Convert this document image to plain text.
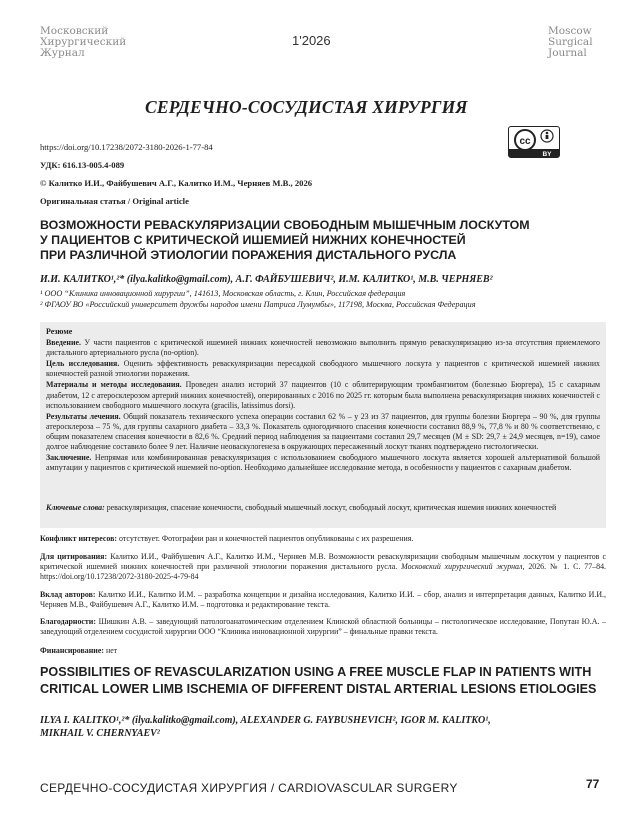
Московский
Хирургический
Журнал
1'2026
Moscow
Surgical
Journal
СЕРДЕЧНО-СОСУДИСТАЯ ХИРУРГИЯ
https://doi.org/10.17238/2072-3180-2026-1-77-84
УДК: 616.13-005.4-089
© Калитко И.И., Файбушевич А.Г., Калитко И.М., Черняев М.В., 2026
Оригинальная статья / Original article
cc
BY
ВОЗМОЖНОСТИ РЕВАСКУЛЯРИЗАЦИИ СВОБОДНЫМ МЫШЕЧНЫМ ЛОСКУТОМ
У ПАЦИЕНТОВ С КРИТИЧЕСКОЙ ИШЕМИЕЙ НИЖНИХ КОНЕЧНОСТЕЙ
ПРИ РАЗЛИЧНОЙ ЭТИОЛОГИИ ПОРАЖЕНИЯ ДИСТАЛЬНОГО РУСЛА
И.И. КАЛИТКО¹,²* (ilya.kalitko@gmail.com), А.Г. ФАЙБУШЕВИЧ², И.М. КАЛИТКО¹, М.В. ЧЕРНЯЕВ²
¹ ООО “Клиника инновационной хирургии”, 141613, Московская область, г. Клин, Российская федерация
² ФГАОУ ВО «Российский университет дружбы народов имени Патриса Лумумбы», 117198, Москва, Российская Федерация

Резюме

Введение. У части пациентов с критической ишемией нижних конечностей невозможно выполнить прямую реваскуляризацию из-за отсутствия приемлемого дистального артериального русла (no-option).

Цель исследования. Оценить эффективность реваскуляризации пересадкой свободного мышечного лоскута у пациентов с критической ишемией нижних конечностей разной этиологии поражения.

Материалы и методы исследования. Проведен анализ историй 37 пациентов (10 с облитерирующим тромбангиитом (болезнью Бюргера), 15 с сахарным диабетом, 12 с атеросклерозом артерий нижних конечностей), оперированных с 2016 по 2025 гг. которым была выполнена реваскуляризация нижних конечностей с использованием свободного мышечного лоскута (gracilis, latissimus dorsi).

Результаты лечения. Общий показатель технического успеха операции составил 62 % – у 23 из 37 пациентов, для группы болезни Бюргера – 90 %, для группы атеросклероза – 75 %, для группы сахарного диабета – 33,3 %. Показатель одногодичного спасения конечности составил 88,9 %, 77,8 % и 80 % соответственно, с общим показателем спасения конечности в 82,6 %. Средний период наблюдения за пациентами составил 29,7 месяцев (M ± SD: 29,7 ± 24,9 месяцев, n=19), самое долгое наблюдение составило более 9 лет. Наличие неоваскулогенеза в окружающих пересаженный лоскут тканях подтверждено гистологически.

Заключение. Непрямая или комбинированная реваскуляризация с использованием свободного мышечного лоскута является хорошей альтернативой большой ампутации у пациентов с критической ишемией no-option. Необходимо дальнейшее исследование метода, в особенности у пациентов с сахарным диабетом.

Ключевые слова: реваскуляризация, спасение конечности, свободный мышечный лоскут, свободный лоскут, критическая ишемия нижних конечностей
Конфликт интересов: отсутствует. Фотографии ран и конечностей пациентов опубликованы с их разрешения.
Для цитирования: Калитко И.И., Файбушевич А.Г., Калитко И.М., Черняев М.В. Возможности реваскуляризации свободным мышечным лоскутом у пациентов с критической ишемией нижних конечностей при различной этиологии поражения дистального русла. Московский хирургический журнал, 2026. № 1. С. 77–84. https://doi.org/10.17238/2072-3180-2025-4-79-84
Вклад авторов: Калитко И.И., Калитко И.М. – разработка концепции и дизайна исследования, Калитко И.И. – сбор, анализ и интерпретация данных, Калитко И.И., Черняев М.В., Файбушевич А.Г., Калитко И.М. – подготовка и редактирование текста.
Благодарности: Шишкин А.В. – заведующий патологоанатомическим отделением Клинской областной больницы – гистологическое исследование, Попутан Ю.А. – заведующий отделением сосудистой хирургии ООО “Клиника инновационной хирургии” – финальные правки текста.
Финансирование: нет
POSSIBILITIES OF REVASCULARIZATION USING A FREE MUSCLE FLAP IN PATIENTS WITH
CRITICAL LOWER LIMB ISCHEMIA OF DIFFERENT DISTAL ARTERIAL LESIONS ETIOLOGIES
ILYA I. KALITKO¹,²* (ilya.kalitko@gmail.com), ALEXANDER G. FAYBUSHEVICH², IGOR M. KALITKO¹,
MIKHAIL V. CHERNYAEV²
СЕРДЕЧНО-СОСУДИСТАЯ ХИРУРГИЯ / CARDIOVASCULAR SURGERY	77
